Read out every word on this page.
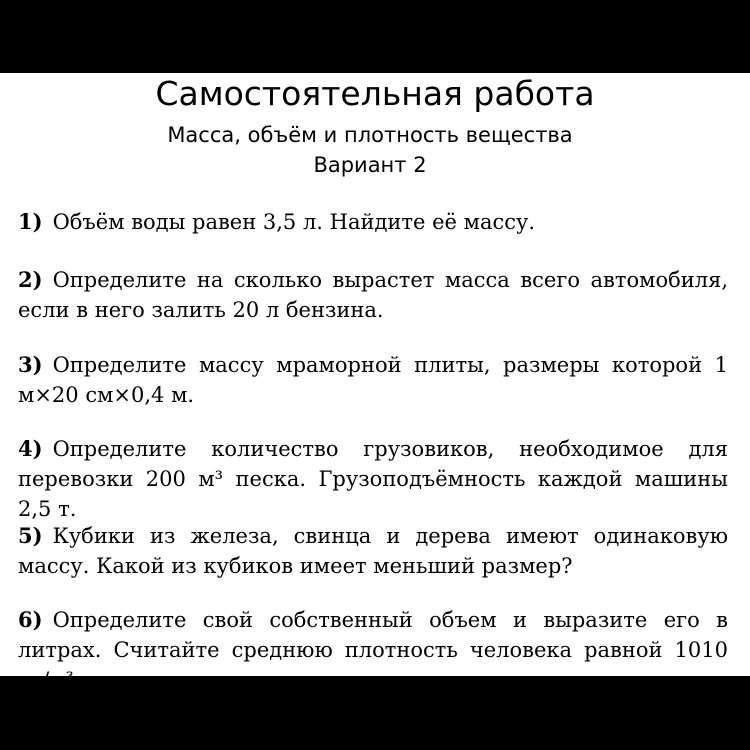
Самостоятельная работа
Масса, объём и плотность вещества
Вариант 2
1) Объём воды равен 3,5 л. Найдите её массу.
2) Определите на сколько вырастет масса всего автомобиля, если в него залить 20 л бензина.
3) Определите массу мраморной плиты, размеры которой 1 м×20 см×0,4 м.
4) Определите количество грузовиков, необходимое для перевозки 200 м³ песка. Грузоподъёмность каждой машины 2,5 т.
5) Кубики из железа, свинца и дерева имеют одинаковую массу. Какой из кубиков имеет меньший размер?
6) Определите свой собственный объем и выразите его в литрах. Считайте среднюю плотность человека равной 1010 кг/м³.
